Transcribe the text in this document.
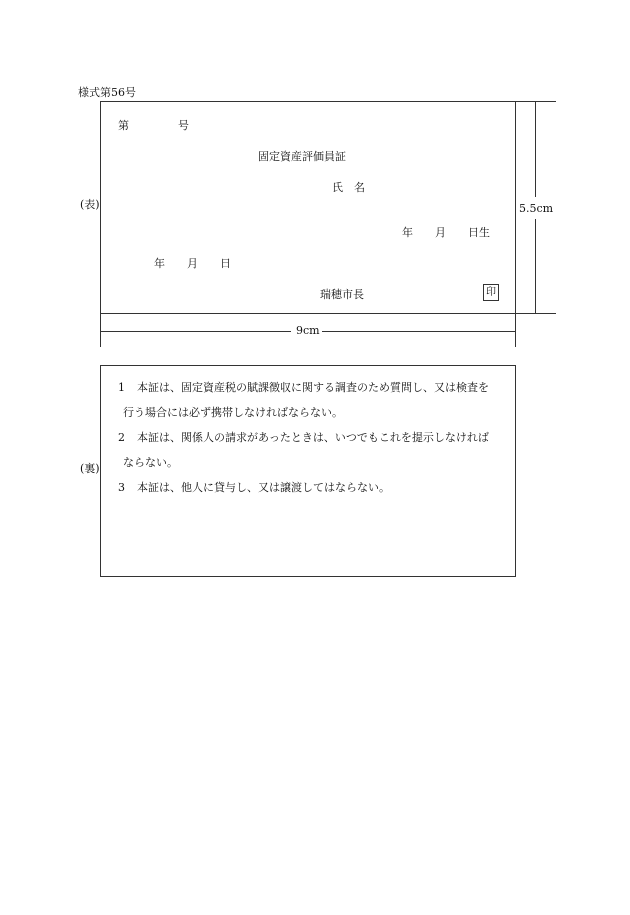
様式第56号
(表)
第	号
固定資産評価員証
氏　名
年　　月　　日生
年　　月　　日
瑞穂市長	印
5.5cm
9cm
(裏)
1 本証は、固定資産税の賦課徴収に関する調査のため質問し、又は検査を
行う場合には必ず携帯しなければならない。
2 本証は、関係人の請求があったときは、いつでもこれを提示しなければ
ならない。
3 本証は、他人に貸与し、又は譲渡してはならない。
